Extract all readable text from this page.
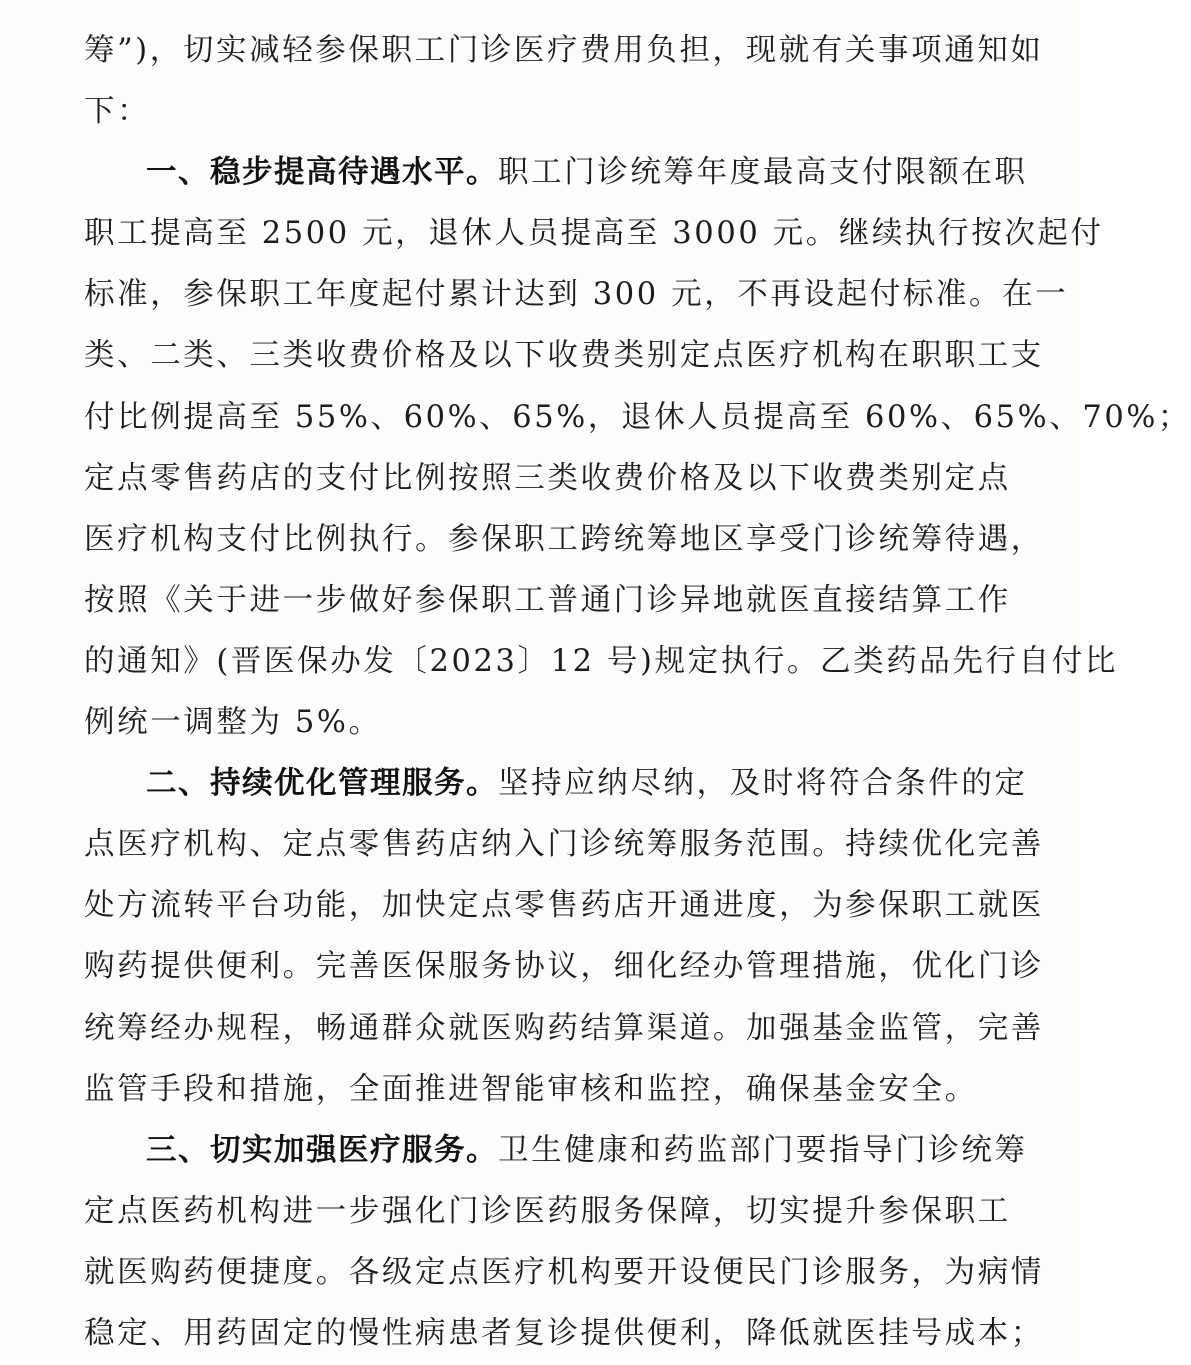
筹”)，切实减轻参保职工门诊医疗费用负担，现就有关事项通知如
下：
一、稳步提高待遇水平。职工门诊统筹年度最高支付限额在职
职工提高至 2500 元，退休人员提高至 3000 元。继续执行按次起付
标准，参保职工年度起付累计达到 300 元，不再设起付标准。在一
类、二类、三类收费价格及以下收费类别定点医疗机构在职职工支
付比例提高至 55%、60%、65%，退休人员提高至 60%、65%、70%；
定点零售药店的支付比例按照三类收费价格及以下收费类别定点
医疗机构支付比例执行。参保职工跨统筹地区享受门诊统筹待遇，
按照《关于进一步做好参保职工普通门诊异地就医直接结算工作
的通知》(晋医保办发〔2023〕12 号)规定执行。乙类药品先行自付比
例统一调整为 5%。
二、持续优化管理服务。坚持应纳尽纳，及时将符合条件的定
点医疗机构、定点零售药店纳入门诊统筹服务范围。持续优化完善
处方流转平台功能，加快定点零售药店开通进度，为参保职工就医
购药提供便利。完善医保服务协议，细化经办管理措施，优化门诊
统筹经办规程，畅通群众就医购药结算渠道。加强基金监管，完善
监管手段和措施，全面推进智能审核和监控，确保基金安全。
三、切实加强医疗服务。卫生健康和药监部门要指导门诊统筹
定点医药机构进一步强化门诊医药服务保障，切实提升参保职工
就医购药便捷度。各级定点医疗机构要开设便民门诊服务，为病情
稳定、用药固定的慢性病患者复诊提供便利，降低就医挂号成本；
